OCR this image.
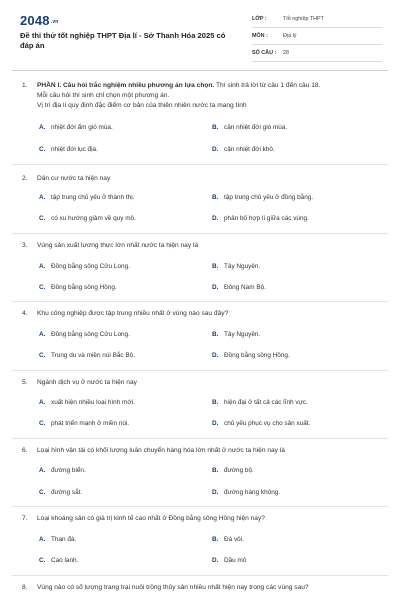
2048.vn
Đề thi thử tốt nghiệp THPT Địa lí - Sở Thanh Hóa 2025 có đáp án
LỚP :	Tốt nghiệp THPT
MÔN :	Địa lý
SỐ CÂU : 28
1. PHẦN I. Câu hỏi trắc nghiệm nhiều phương án lựa chọn. Thí sinh trả lời từ câu 1 đến câu 18.
Mỗi câu hỏi thí sinh chỉ chọn một phương án.
Vị trí địa lí quy định đặc điểm cơ bản của thiên nhiên nước ta mang tính
A. nhiệt đới ẩm gió mùa.	B. cận nhiệt đới gió mùa.
C. nhiệt đới lục địa.	D. cận nhiệt đới khô.
2. Dân cư nước ta hiện nay
A. tập trung chủ yếu ở thành thị.	B. tập trung chủ yếu ở đồng bằng.
C. có xu hướng giảm về quy mô.	D. phân bố hợp lí giữa các vùng.
3. Vùng sản xuất lương thực lớn nhất nước ta hiện nay là
A. Đồng bằng sông Cửu Long.	B. Tây Nguyên.
C. Đồng bằng sông Hồng.	D. Đông Nam Bộ.
4. Khu công nghiệp được tập trung nhiều nhất ở vùng nào sau đây?
A. Đồng bằng sông Cửu Long.	B. Tây Nguyên.
C. Trung du và miền núi Bắc Bộ.	D. Đồng bằng sông Hồng.
5. Ngành dịch vụ ở nước ta hiện nay
A. xuất hiện nhiều loại hình mới.	B. hiện đại ở tất cả các lĩnh vực.
C. phát triển mạnh ở miền núi.	D. chủ yếu phục vụ cho sản xuất.
6. Loại hình vận tải có khối lượng luân chuyển hàng hóa lớn nhất ở nước ta hiện nay là
A. đường biển.	B. đường bộ.
C. đường sắt.	D. đường hàng không.
7. Loại khoáng sản có giá trị kinh tế cao nhất ở Đồng bằng sông Hồng hiện nay?
A. Than đá.	B. Đá vôi.
C. Cao lanh.	D. Dầu mỏ
8. Vùng nào có số lượng trang trại nuôi trồng thủy sản nhiều nhất hiện nay trong các vùng sau?
